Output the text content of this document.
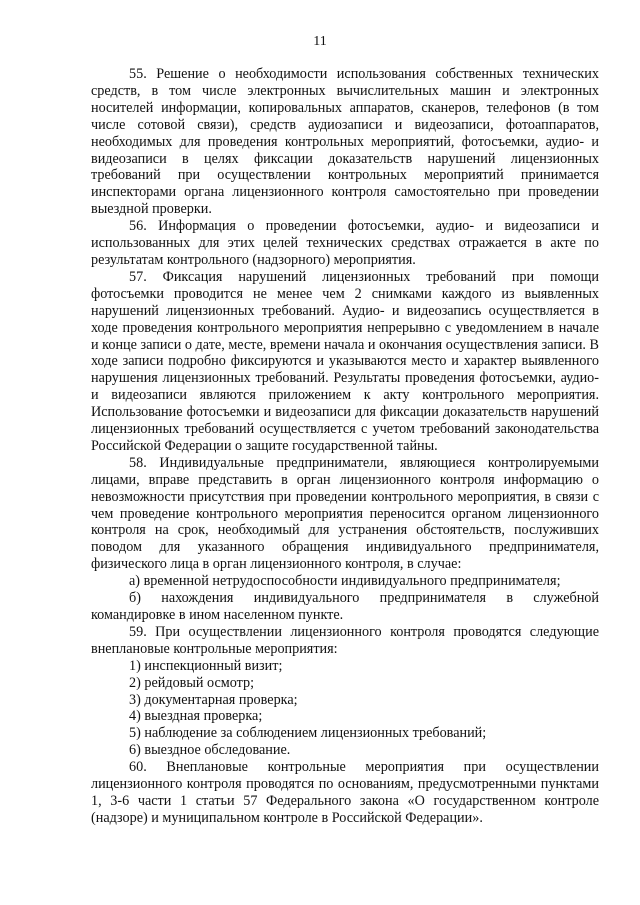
11

55. Решение о необходимости использования собственных технических средств, в том числе электронных вычислительных машин и электронных носителей информации, копировальных аппаратов, сканеров, телефонов (в том числе сотовой связи), средств аудиозаписи и видеозаписи, фотоаппаратов, необходимых для проведения контрольных мероприятий, фотосъемки, аудио- и видеозаписи в целях фиксации доказательств нарушений лицензионных требований при осуществлении контрольных мероприятий принимается инспекторами органа лицензионного контроля самостоятельно при проведении выездной проверки.

56. Информация о проведении фотосъемки, аудио- и видеозаписи и использованных для этих целей технических средствах отражается в акте по результатам контрольного (надзорного) мероприятия.

57. Фиксация нарушений лицензионных требований при помощи фотосъемки проводится не менее чем 2 снимками каждого из выявленных нарушений лицензионных требований. Аудио- и видеозапись осуществляется в ходе проведения контрольного мероприятия непрерывно с уведомлением в начале и конце записи о дате, месте, времени начала и окончания осуществления записи. В ходе записи подробно фиксируются и указываются место и характер выявленного нарушения лицензионных требований. Результаты проведения фотосъемки, аудио- и видеозаписи являются приложением к акту контрольного мероприятия. Использование фотосъемки и видеозаписи для фиксации доказательств нарушений лицензионных требований осуществляется с учетом требований законодательства Российской Федерации о защите государственной тайны.

58. Индивидуальные предприниматели, являющиеся контролируемыми лицами, вправе представить в орган лицензионного контроля информацию о невозможности присутствия при проведении контрольного мероприятия, в связи с чем проведение контрольного мероприятия переносится органом лицензионного контроля на срок, необходимый для устранения обстоятельств, послуживших поводом для указанного обращения индивидуального предпринимателя, физического лица в орган лицензионного контроля, в случае:

а) временной нетрудоспособности индивидуального предпринимателя;

б) нахождения индивидуального предпринимателя в служебной командировке в ином населенном пункте.

59. При осуществлении лицензионного контроля проводятся следующие внеплановые контрольные мероприятия:

1) инспекционный визит;

2) рейдовый осмотр;

3) документарная проверка;

4) выездная проверка;

5) наблюдение за соблюдением лицензионных требований;

6) выездное обследование.

60. Внеплановые контрольные мероприятия при осуществлении лицензионного контроля проводятся по основаниям, предусмотренными пунктами 1, 3-6 части 1 статьи 57 Федерального закона «О государственном контроле (надзоре) и муниципальном контроле в Российской Федерации».
